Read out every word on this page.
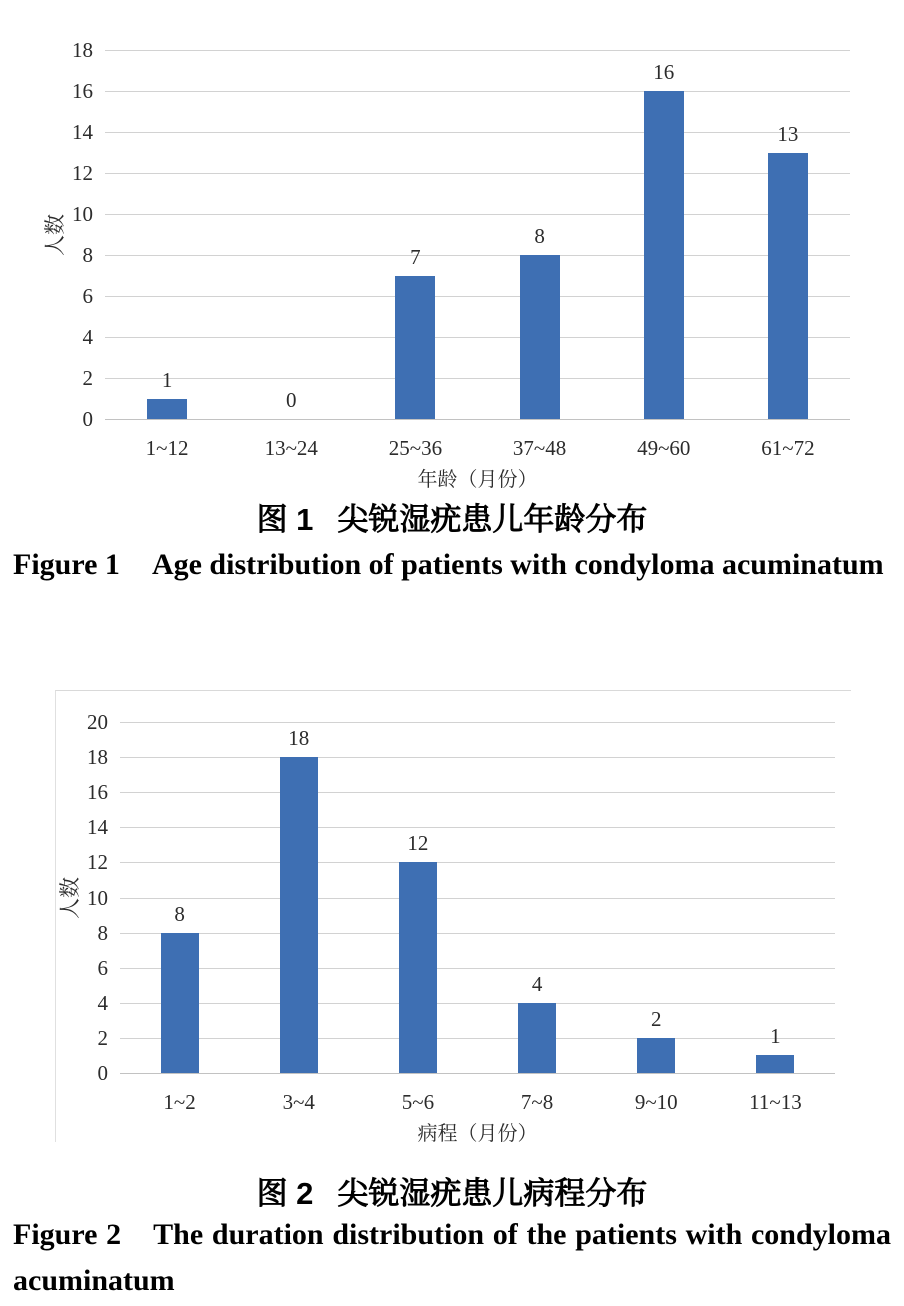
0
2
4
6
8
10
12
14
16
18
1
1~12
0
13~24
7
25~36
8
37~48
16
49~60
13
61~72
年龄（月份）
人数
图 1 尖锐湿疣患儿年龄分布
Figure 1 Age distribution of patients with condyloma acuminatum
0
2
4
6
8
10
12
14
16
18
20
8
1~2
18
3~4
12
5~6
4
7~8
2
9~10
1
11~13
病程（月份）
人数
图 2 尖锐湿疣患儿病程分布
Figure 2 The duration distribution of the patients with condyloma acuminatum
